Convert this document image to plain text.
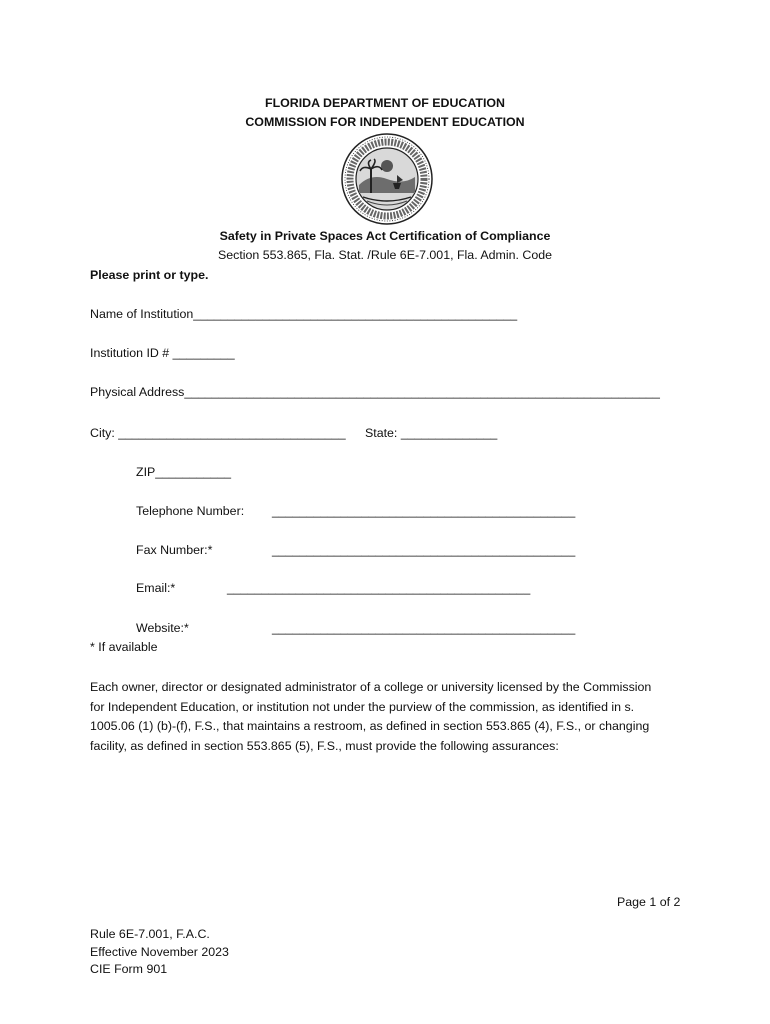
FLORIDA DEPARTMENT OF EDUCATION
COMMISSION FOR INDEPENDENT EDUCATION
Safety in Private Spaces Act Certification of Compliance
Section 553.865, Fla. Stat. /Rule 6E-7.001, Fla. Admin. Code
Please print or type.
Name of Institution_______________________________________________
Institution ID # _________
Physical Address_____________________________________________________________________
City: _________________________________ State: ______________
ZIP___________
Telephone Number: ____________________________________________
Fax Number:*	____________________________________________
Email:*	____________________________________________
Website:*	____________________________________________
* If available
Each owner, director or designated administrator of a college or university licensed by the Commission
for Independent Education, or institution not under the purview of the commission, as identified in s.
1005.06 (1) (b)-(f), F.S., that maintains a restroom, as defined in section 553.865 (4), F.S., or changing
facility, as defined in section 553.865 (5), F.S., must provide the following assurances:
Page 1 of 2
Rule 6E-7.001, F.A.C.
Effective November 2023
CIE Form 901
